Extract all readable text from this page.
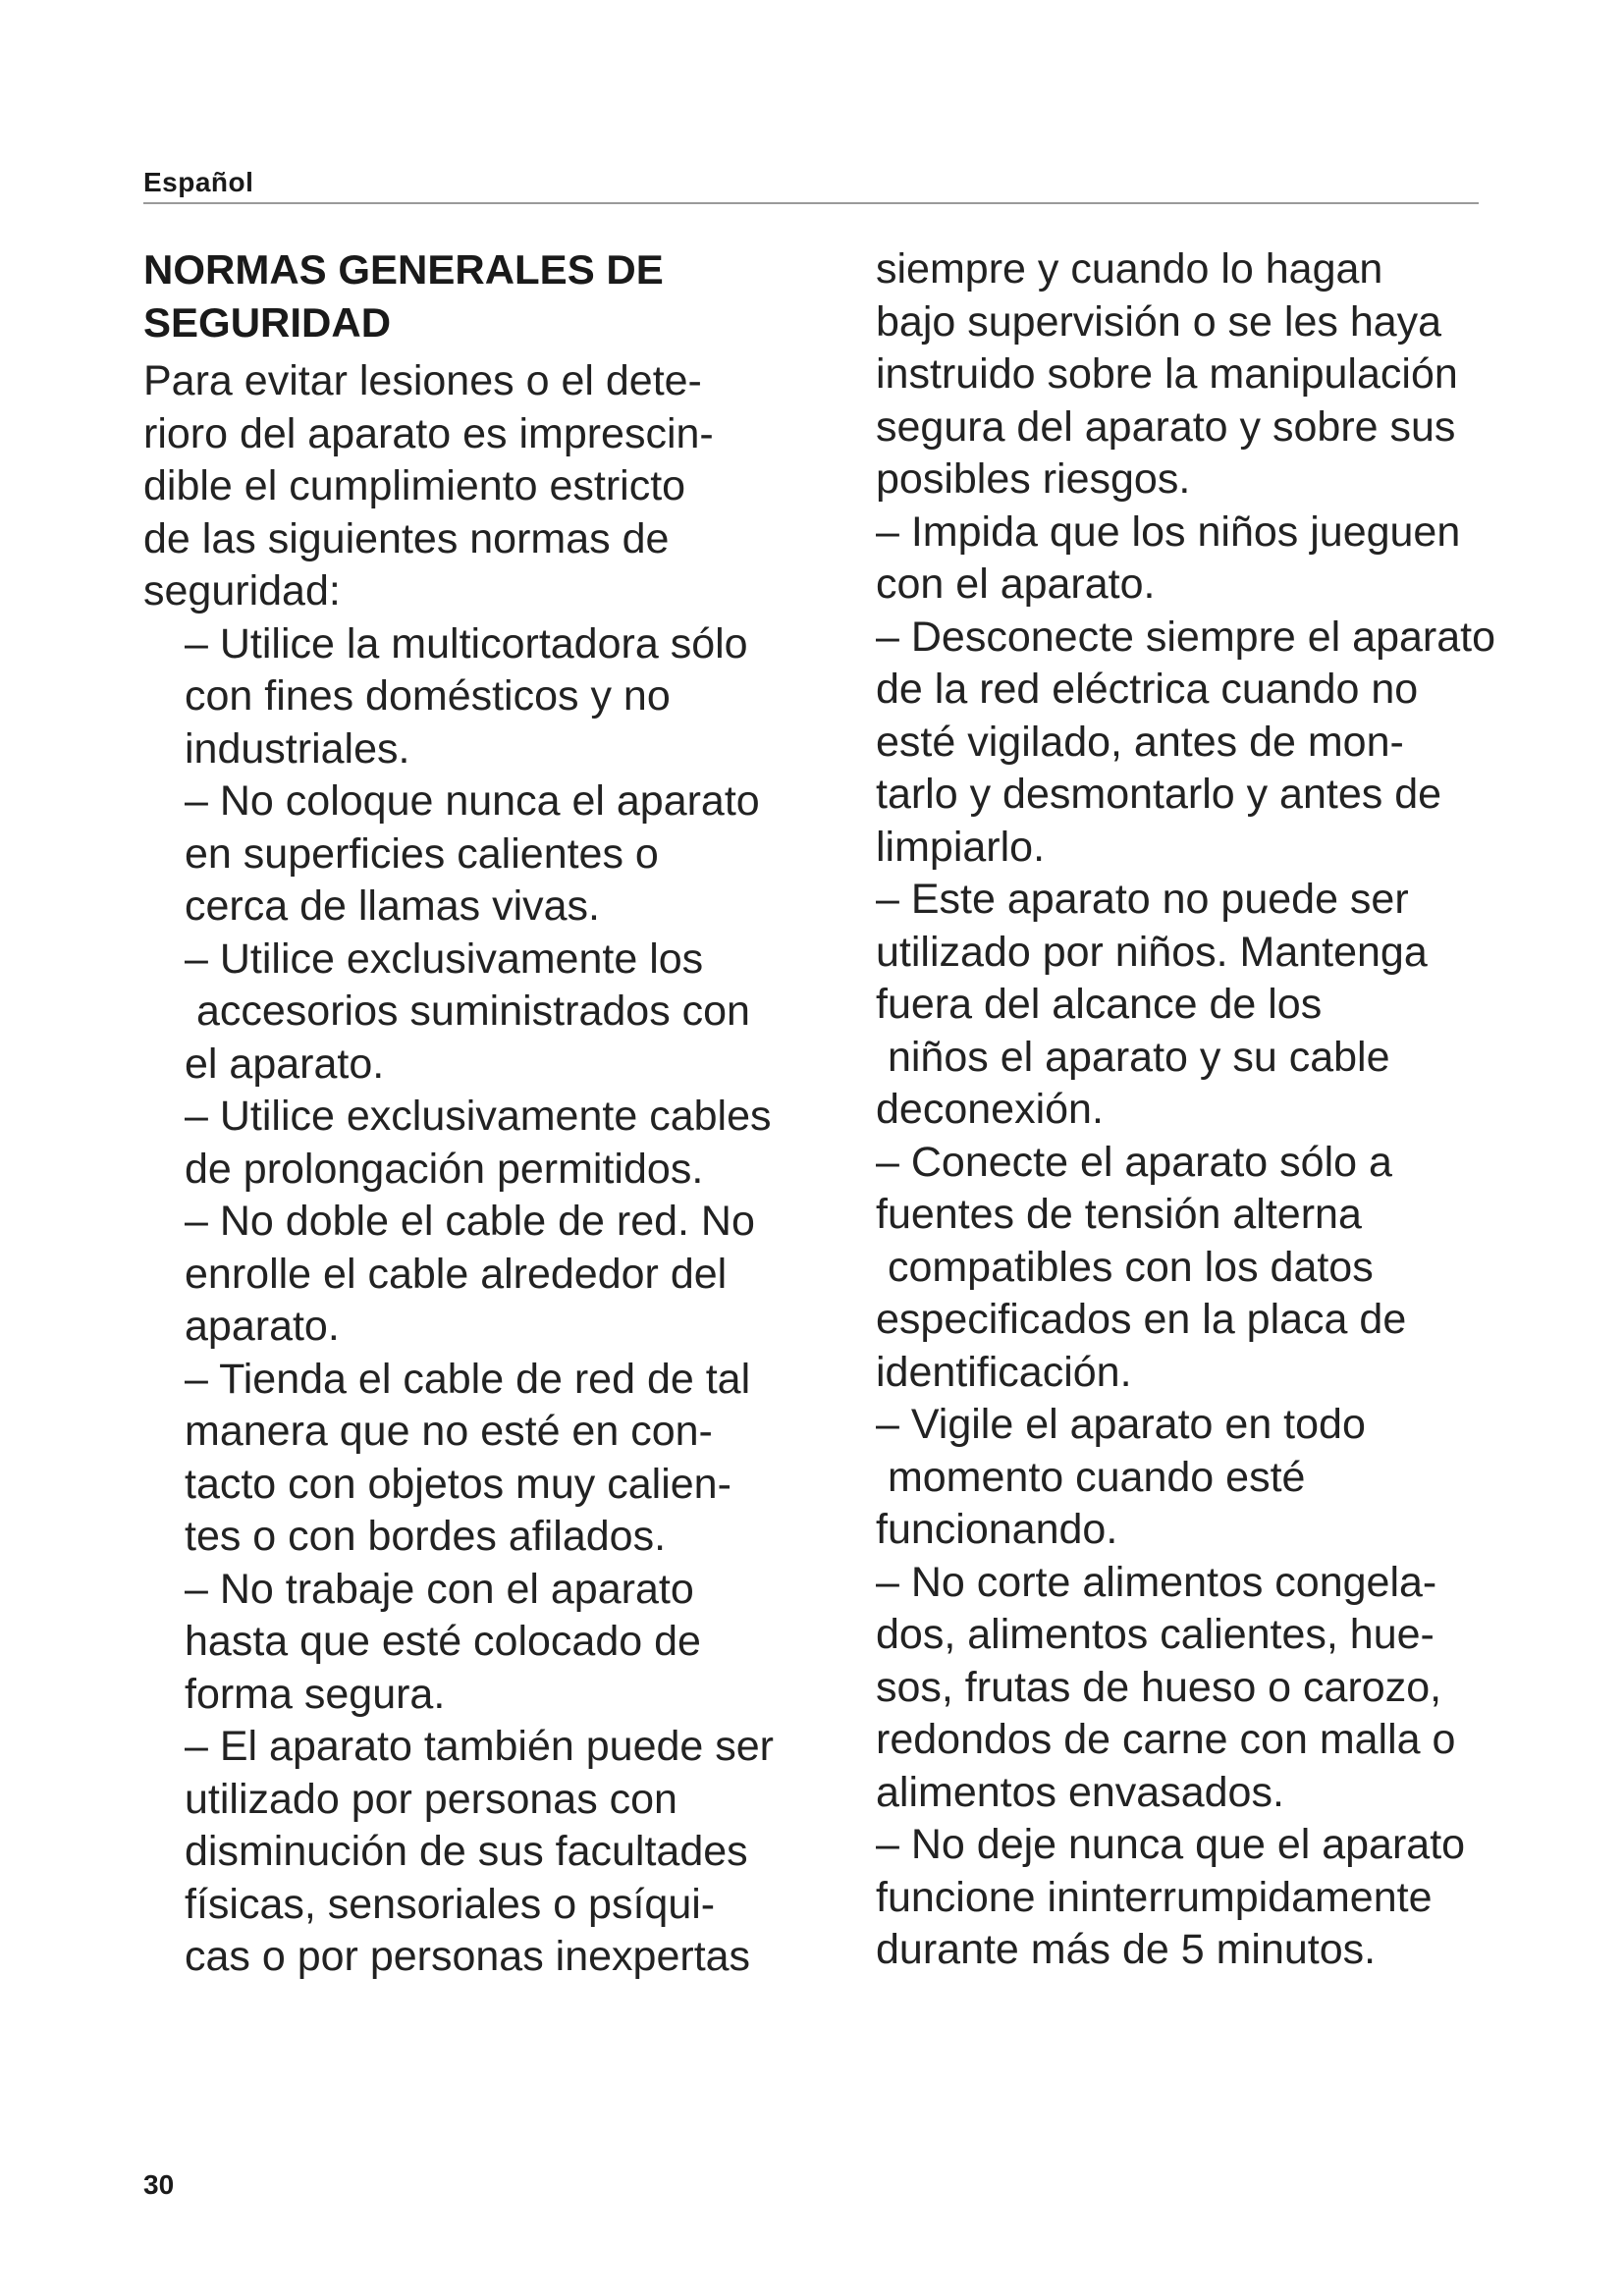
Español
NORMAS GENERALES DE
SEGURIDAD
Para evitar lesiones o el dete-
rioro del aparato es imprescin-
dible el cumplimiento estricto
de las siguientes normas de
seguridad:
– Utilice la multicortadora sólo
con fines domésticos y no
industriales.
– No coloque nunca el aparato
en superficies calientes o
cerca de llamas vivas.
– Utilice exclusivamente los
accesorios suministrados con
el aparato.
– Utilice exclusivamente cables
de prolongación permitidos.
– No doble el cable de red. No
enrolle el cable alrededor del
aparato.
– Tienda el cable de red de tal
manera que no esté en con-
tacto con objetos muy calien-
tes o con bordes afilados.
– No trabaje con el aparato
hasta que esté colocado de
forma segura.
– El aparato también puede ser
utilizado por personas con
disminución de sus facultades
físicas, sensoriales o psíqui-
cas o por personas inexpertas
siempre y cuando lo hagan
bajo supervisión o se les haya
instruido sobre la manipulación
segura del aparato y sobre sus
posibles riesgos.
– Impida que los niños jueguen
con el aparato.
– Desconecte siempre el aparato
de la red eléctrica cuando no
esté vigilado, antes de mon-
tarlo y desmontarlo y antes de
limpiarlo.
– Este aparato no puede ser
utilizado por niños. Mantenga
fuera del alcance de los
niños el aparato y su cable
deconexión.
– Conecte el aparato sólo a
fuentes de tensión alterna
compatibles con los datos
especificados en la placa de
identificación.
– Vigile el aparato en todo
momento cuando esté
funcionando.
– No corte alimentos congela-
dos, alimentos calientes, hue-
sos, frutas de hueso o carozo,
redondos de carne con malla o
alimentos envasados.
– No deje nunca que el aparato
funcione ininterrumpidamente
durante más de 5 minutos.
30
